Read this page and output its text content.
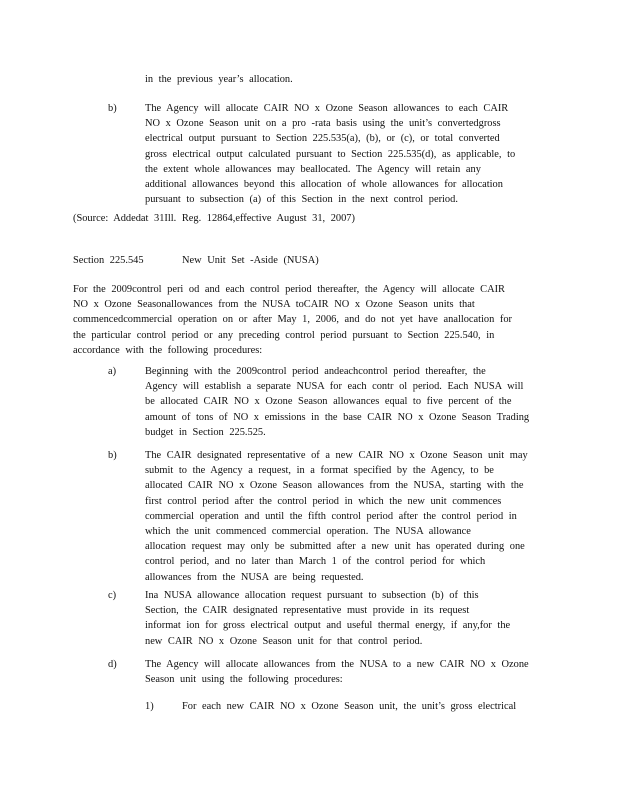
in the previous year’s allocation.
b)	The Agency will allocate CAIR NO x Ozone Season allowances to each CAIR
NO x Ozone Season unit on a pro -rata basis using the unit’s convertedgross
electrical output pursuant to Section 225.535(a), (b), or (c), or total converted
gross electrical output calculated pursuant to Section 225.535(d), as applicable, to
the extent whole allowances may beallocated. The Agency will retain any
additional allowances beyond this allocation of whole allowances for allocation
pursuant to subsection (a) of this Section in the next control period.
(Source: Addedat 31Ill. Reg. 12864,effective August 31, 2007)
Section 225.545	New Unit Set -Aside (NUSA)
For the 2009control peri od and each control period thereafter, the Agency will allocate CAIR
NO x Ozone Seasonallowances from the NUSA toCAIR NO x Ozone Season units that
commencedcommercial operation on or after May 1, 2006, and do not yet have anallocation for
the particular control period or any preceding control period pursuant to Section 225.540, in
accordance with the following procedures:
a)	Beginning with the 2009control period andeachcontrol period thereafter, the
Agency will establish a separate NUSA for each contr ol period. Each NUSA will
be allocated CAIR NO x Ozone Season allowances equal to five percent of the
amount of tons of NO x emissions in the base CAIR NO x Ozone Season Trading
budget in Section 225.525.
b)	The CAIR designated representative of a new CAIR NO x Ozone Season unit may
submit to the Agency a request, in a format specified by the Agency, to be
allocated CAIR NO x Ozone Season allowances from the NUSA, starting with the
first control period after the control period in which the new unit commences
commercial operation and until the fifth control period after the control period in
which the unit commenced commercial operation. The NUSA allowance
allocation request may only be submitted after a new unit has operated during one
control period, and no later than March 1 of the control period for which
allowances from the NUSA are being requested.
c)	Ina NUSA allowance allocation request pursuant to subsection (b) of this
Section, the CAIR designated representative must provide in its request
informat ion for gross electrical output and useful thermal energy, if any,for the
new CAIR NO x Ozone Season unit for that control period.
d)	The Agency will allocate allowances from the NUSA to a new CAIR NO x Ozone
Season unit using the following procedures:
1)	For each new CAIR NO x Ozone Season unit, the unit’s gross electrical
